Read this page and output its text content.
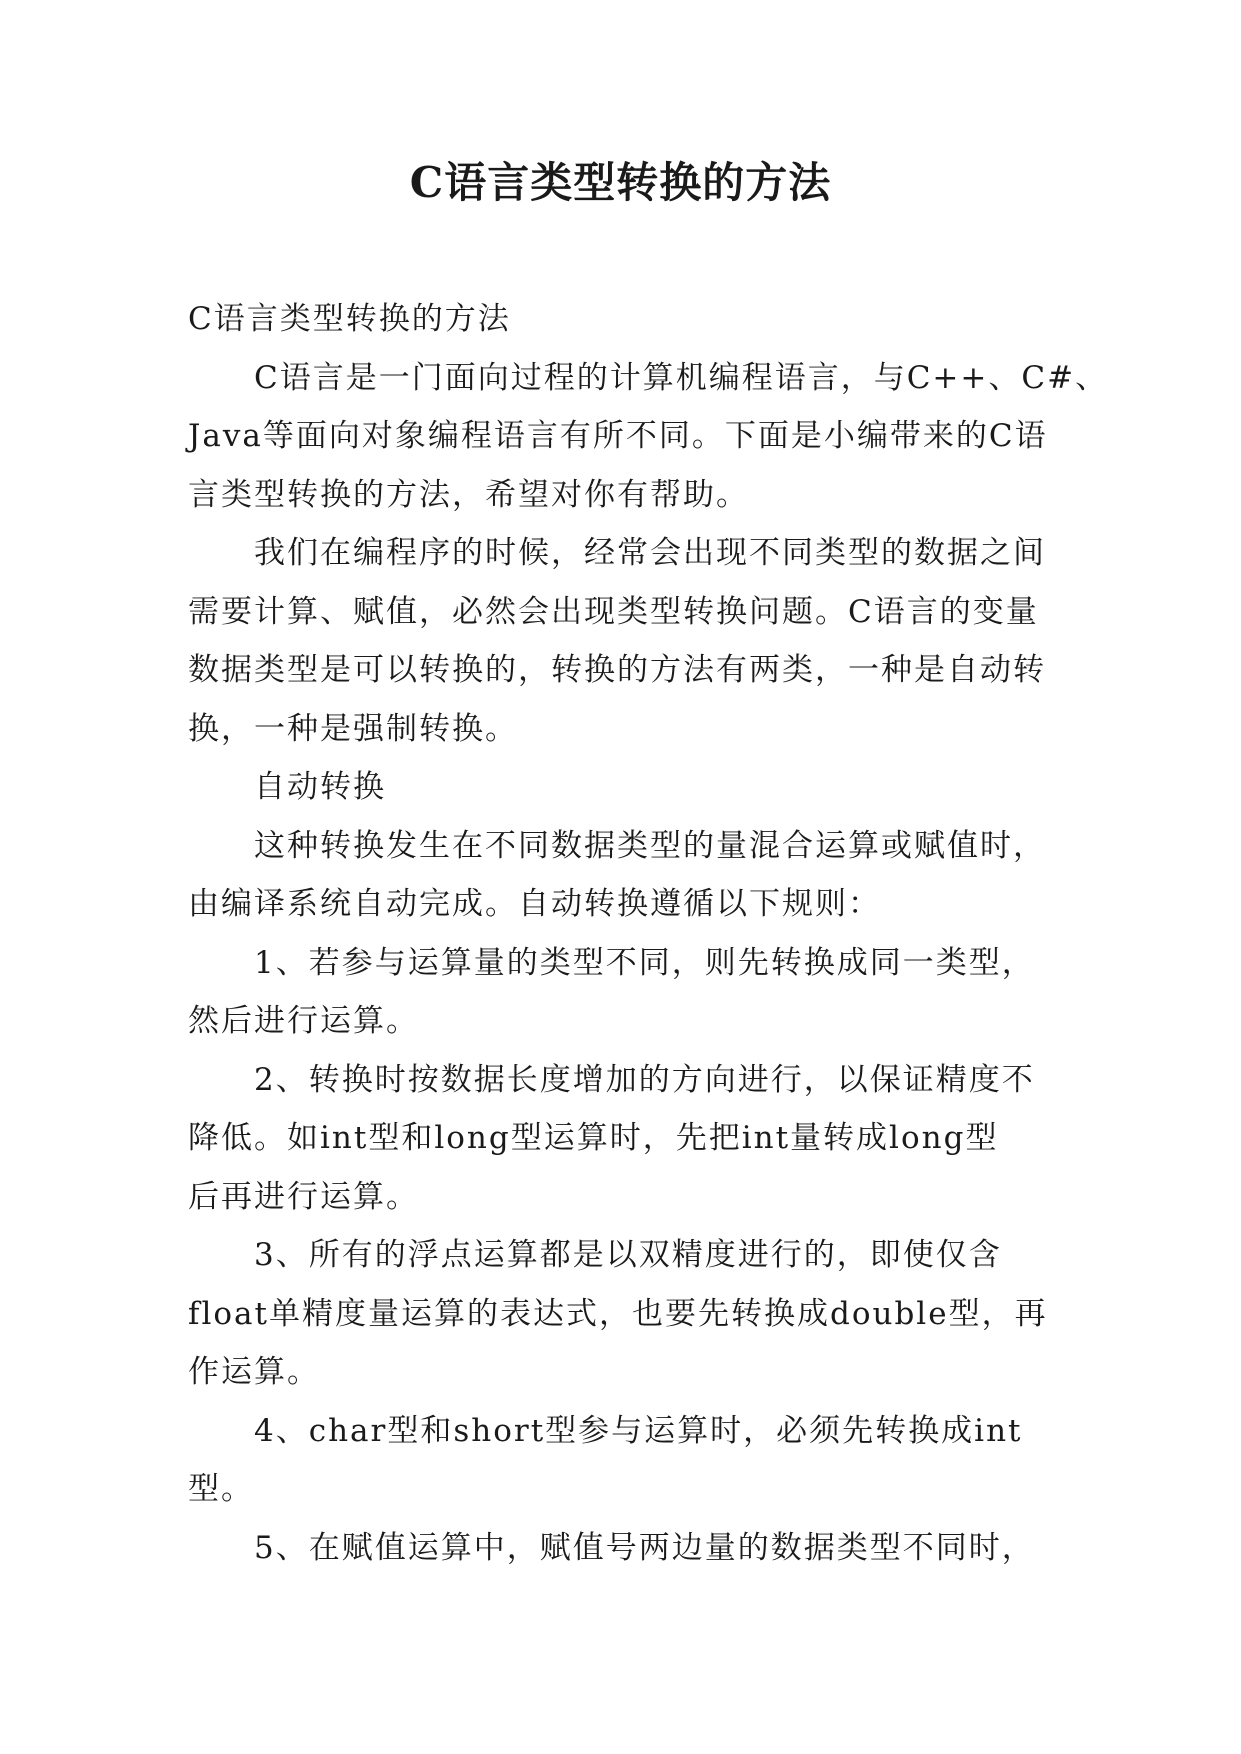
C语言类型转换的方法
C语言类型转换的方法
C语言是一门面向过程的计算机编程语言，与C++、C#、
Java等面向对象编程语言有所不同。下面是小编带来的C语
言类型转换的方法，希望对你有帮助。
我们在编程序的时候，经常会出现不同类型的数据之间
需要计算、赋值，必然会出现类型转换问题。C语言的变量
数据类型是可以转换的，转换的方法有两类，一种是自动转
换，一种是强制转换。
自动转换
这种转换发生在不同数据类型的量混合运算或赋值时，
由编译系统自动完成。自动转换遵循以下规则：
1、若参与运算量的类型不同，则先转换成同一类型，
然后进行运算。
2、转换时按数据长度增加的方向进行，以保证精度不
降低。如int型和long型运算时，先把int量转成long型
后再进行运算。
3、所有的浮点运算都是以双精度进行的，即使仅含
float单精度量运算的表达式，也要先转换成double型，再
作运算。
4、char型和short型参与运算时，必须先转换成int
型。
5、在赋值运算中，赋值号两边量的数据类型不同时，
